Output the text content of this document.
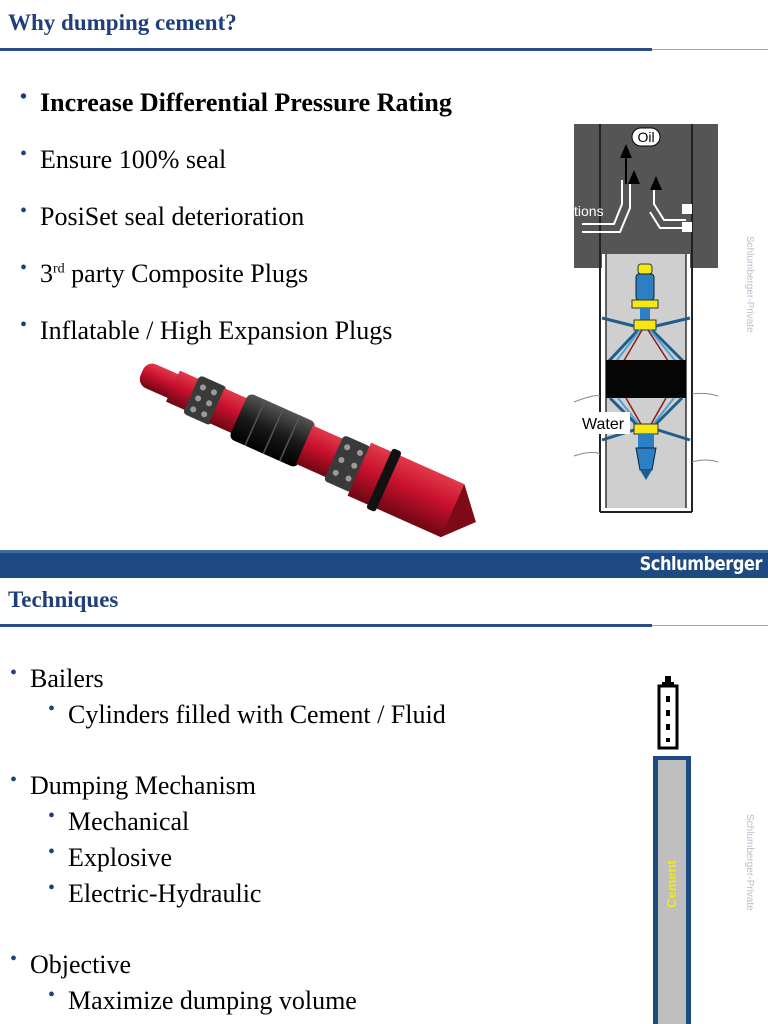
Why dumping cement?
• Increase Differential Pressure Rating
• Ensure 100% seal
• PosiSet seal deterioration
• 3rd party Composite Plugs
• Inflatable / High Expansion Plugs
Oil
tions
Water
Schlumberger-Private
Schlumberger
Techniques
• Bailers
• Cylinders filled with Cement / Fluid
• Dumping Mechanism
• Mechanical
• Explosive
• Electric-Hydraulic
• Objective
• Maximize dumping volume
Cement	Schlumberger-Private
